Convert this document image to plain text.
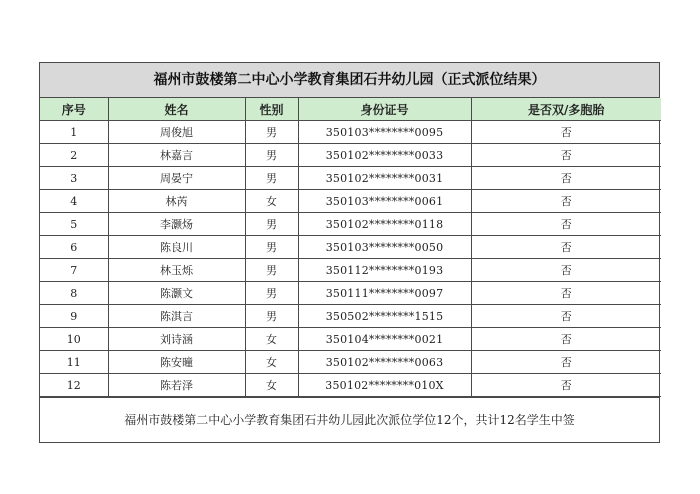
福州市鼓楼第二中心小学教育集团石井幼儿园（正式派位结果）
序号	姓名	性别	身份证号	是否双/多胞胎
1	周俊旭	男	350103********0095	否
2	林嘉言	男	350102********0033	否
3	周晏宁	男	350102********0031	否
4	林芮	女	350103********0061	否
5	李灏炀	男	350102********0118	否
6	陈良川	男	350103********0050	否
7	林玉烁	男	350112********0193	否
8	陈灏文	男	350111********0097	否
9	陈淇言	男	350502********1515	否
10	刘诗涵	女	350104********0021	否
11	陈安曈	女	350102********0063	否
12	陈若泽	女	350102********010X	否
福州市鼓楼第二中心小学教育集团石井幼儿园此次派位学位12个，共计12名学生中签
